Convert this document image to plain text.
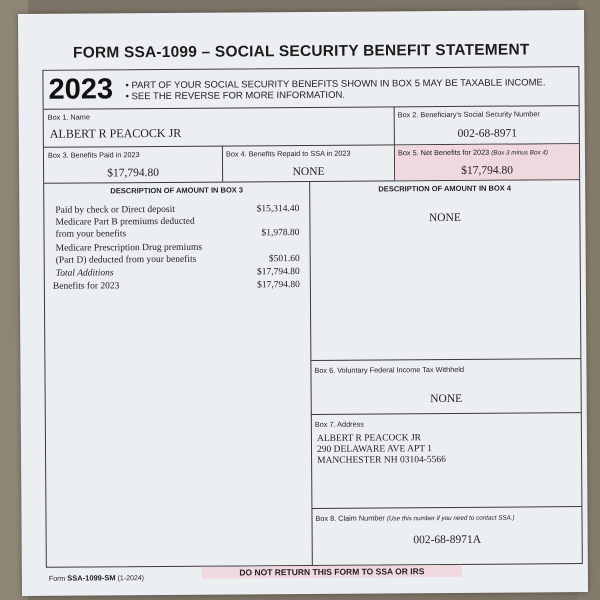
FORM SSA-1099 – SOCIAL SECURITY BENEFIT STATEMENT
2023 • PART OF YOUR SOCIAL SECURITY BENEFITS SHOWN IN BOX 5 MAY BE TAXABLE INCOME.
• SEE THE REVERSE FOR MORE INFORMATION.
Box 1. Name
ALBERT R PEACOCK JR
Box 2. Beneficiary's Social Security Number
002-68-8971
Box 3. Benefits Paid in 2023
$17,794.80
Box 4. Benefits Repaid to SSA in 2023
NONE
Box 5. Net Benefits for 2023 (Box 3 minus Box 4)
$17,794.80
DESCRIPTION OF AMOUNT IN BOX 3
Paid by check or Direct deposit	$15,314.40
Medicare Part B premiums deducted
from your benefits	$1,978.80
Medicare Prescription Drug premiums
(Part D) deducted from your benefits	$501.60
Total Additions	$17,794.80
Benefits for 2023	$17,794.80
DESCRIPTION OF AMOUNT IN BOX 4
NONE
Box 6. Voluntary Federal Income Tax Withheld
NONE
Box 7. Address
ALBERT R PEACOCK JR
290 DELAWARE AVE APT 1
MANCHESTER NH 03104-5566
Box 8. Claim Number (Use this number if you need to contact SSA.)
002-68-8971A
Form SSA-1099-SM (1-2024)
DO NOT RETURN THIS FORM TO SSA OR IRS
